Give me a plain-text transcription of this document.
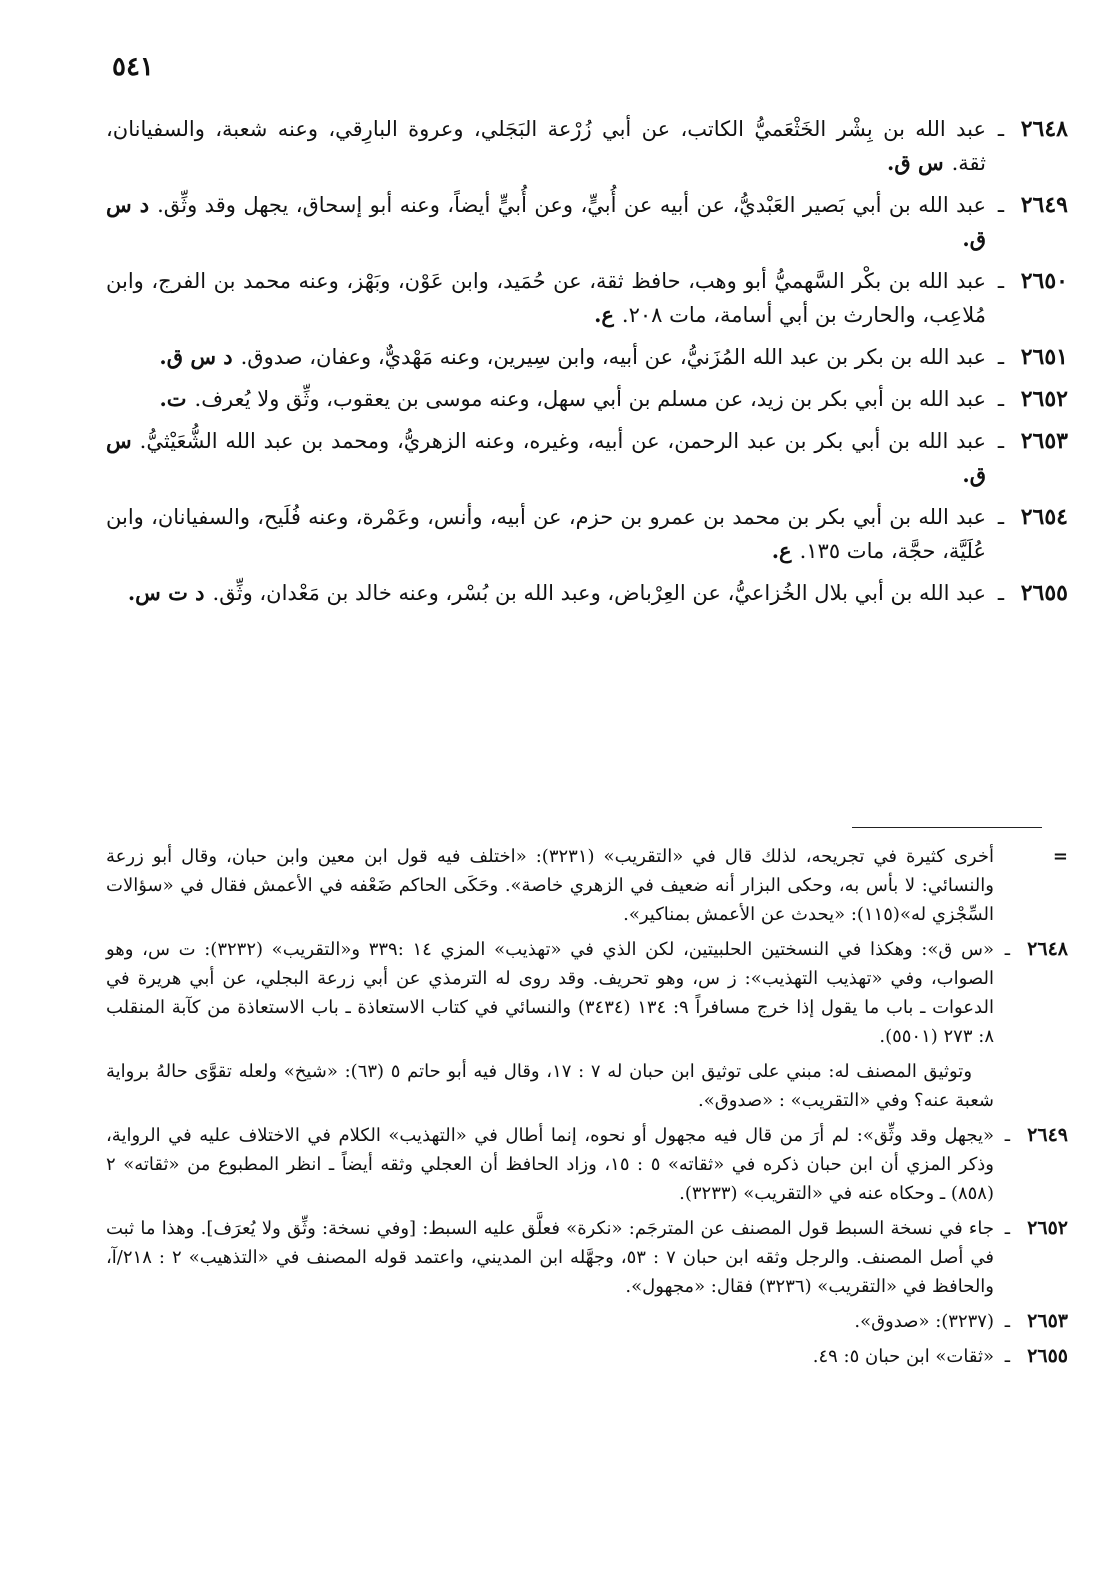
٥٤١
٢٦٤٨
ـ
عبد الله بن بِشْر الخَثْعَميُّ الكاتب، عن أبي زُرْعة البَجَلي، وعروة البارِقي، وعنه شعبة، والسفيانان، ثقة.س ق.
٢٦٤٩
ـ
عبد الله بن أبي بَصير العَبْديُّ، عن أبيه عن أُبيٍّ، وعن أُبيٍّ أيضاً، وعنه أبو إسحاق، يجهل وقد وثِّق.د س ق.
٢٦٥٠
ـ
عبد الله بن بكْر السَّهميُّ أبو وهب، حافظ ثقة، عن حُمَيد، وابن عَوْن، وبَهْز، وعنه محمد بن الفرج، وابن مُلاعِب، والحارث بن أبي أسامة، مات ٢٠٨.ع.
٢٦٥١
ـ
عبد الله بن بكر بن عبد الله المُزَنيُّ، عن أبيه، وابن سِيرين، وعنه مَهْديٌّ، وعفان، صدوق.د س ق.
٢٦٥٢
ـ
عبد الله بن أبي بكر بن زيد، عن مسلم بن أبي سهل، وعنه موسى بن يعقوب، وثِّق ولا يُعرف.ت.
٢٦٥٣
ـ
عبد الله بن أبي بكر بن عبد الرحمن، عن أبيه، وغيره، وعنه الزهريُّ، ومحمد بن عبد الله الشُّعَيْثيُّ.س ق.
٢٦٥٤
ـ
عبد الله بن أبي بكر بن محمد بن عمرو بن حزم، عن أبيه، وأنس، وعَمْرة، وعنه فُلَيح، والسفيانان، وابن عُلَيَّة، حجَّة، مات ١٣٥.ع.
٢٦٥٥
ـ
عبد الله بن أبي بلال الخُزاعيُّ، عن العِرْباض، وعبد الله بن بُسْر، وعنه خالد بن مَعْدان، وثِّق.د ت س.
=
أخرى كثيرة في تجريحه، لذلك قال في «التقريب» (٣٢٣١): «اختلف فيه قول ابن معين وابن حبان، وقال أبو زرعة والنسائي: لا بأس به، وحكى البزار أنه ضعيف في الزهري خاصة». وحَكَى الحاكم ضَعْفه في الأعمش فقال في «سؤالات السِّجْزي له»(١١٥): «يحدث عن الأعمش بمناكير».
٢٦٤٨
ـ
«س ق»: وهكذا في النسختين الحلبيتين، لكن الذي في «تهذيب» المزي ١٤ :٣٣٩ و«التقريب» (٣٢٣٢): ت س، وهو الصواب، وفي «تهذيب التهذيب»: ز س، وهو تحريف. وقد روى له الترمذي عن أبي زرعة البجلي، عن أبي هريرة في الدعوات ـ باب ما يقول إذا خرج مسافراً ٩: ١٣٤ (٣٤٣٤) والنسائي في كتاب الاستعاذة ـ باب الاستعاذة من كآبة المنقلب ٨: ٢٧٣ (٥٥٠١).
وتوثيق المصنف له: مبني على توثيق ابن حبان له ٧ : ١٧، وقال فيه أبو حاتم ٥ (٦٣): «شيخ» ولعله تقوَّى حالهُ برواية شعبة عنه؟ وفي «التقريب» : «صدوق».
٢٦٤٩
ـ
«يجهل وقد وثِّق»: لم أرَ من قال فيه مجهول أو نحوه، إنما أطال في «التهذيب» الكلام في الاختلاف عليه في الرواية، وذكر المزي أن ابن حبان ذكره في «ثقاته» ٥ : ١٥، وزاد الحافظ أن العجلي وثقه أيضاً ـ انظر المطبوع من «ثقاته» ٢ (٨٥٨) ـ وحكاه عنه في «التقريب» (٣٢٣٣).
٢٦٥٢
ـ
جاء في نسخة السبط قول المصنف عن المترجَم: «نكرة» فعلَّق عليه السبط: [وفي نسخة: وثِّق ولا يُعرَف]. وهذا ما ثبت في أصل المصنف. والرجل وثقه ابن حبان ٧ : ٥٣، وجهَّله ابن المديني، واعتمد قوله المصنف في «التذهيب» ٢ : ٢١٨/آ، والحافظ في «التقريب» (٣٢٣٦) فقال: «مجهول».
٢٦٥٣
ـ
(٣٢٣٧): «صدوق».
٢٦٥٥
ـ
«ثقات» ابن حبان ٥: ٤٩.
